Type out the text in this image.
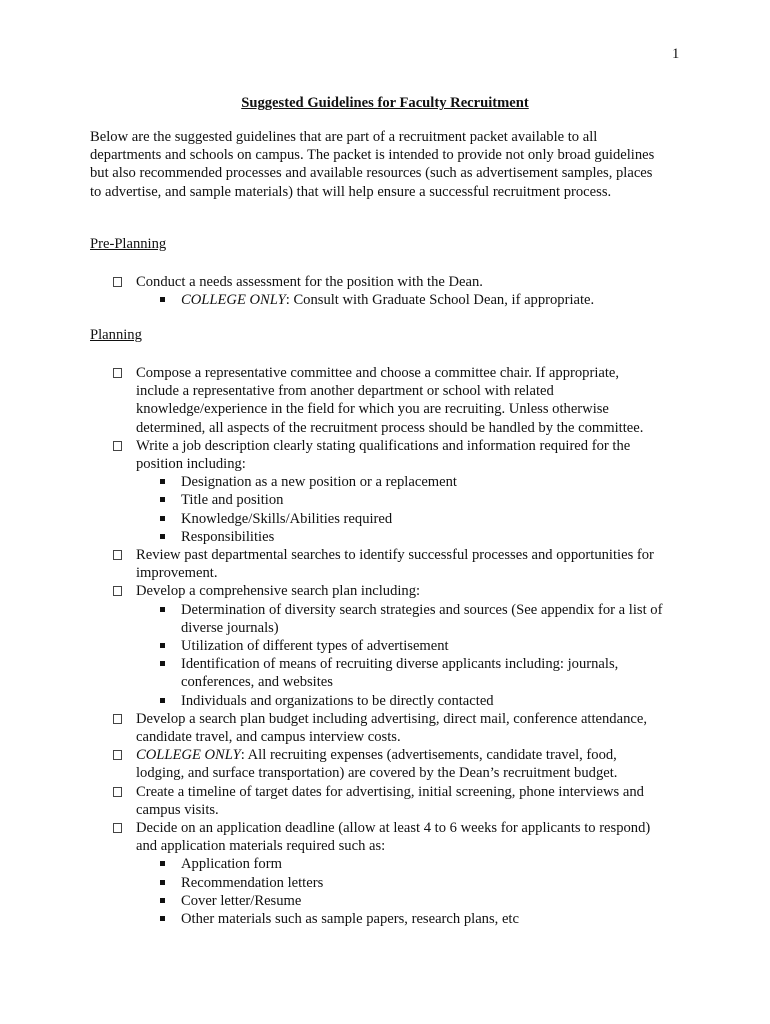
1
Suggested Guidelines for Faculty Recruitment
Below are the suggested guidelines that are part of a recruitment packet available to all
departments and schools on campus. The packet is intended to provide not only broad guidelines
but also recommended processes and available resources (such as advertisement samples, places
to advertise, and sample materials) that will help ensure a successful recruitment process.
Pre-Planning
Conduct a needs assessment for the position with the Dean.
COLLEGE ONLY: Consult with Graduate School Dean, if appropriate.
Planning
Compose a representative committee and choose a committee chair. If appropriate,
include a representative from another department or school with related
knowledge/experience in the field for which you are recruiting. Unless otherwise
determined, all aspects of the recruitment process should be handled by the committee.
Write a job description clearly stating qualifications and information required for the
position including:
Designation as a new position or a replacement
Title and position
Knowledge/Skills/Abilities required
Responsibilities
Review past departmental searches to identify successful processes and opportunities for
improvement.
Develop a comprehensive search plan including:
Determination of diversity search strategies and sources (See appendix for a list of
diverse journals)
Utilization of different types of advertisement
Identification of means of recruiting diverse applicants including: journals,
conferences, and websites
Individuals and organizations to be directly contacted
Develop a search plan budget including advertising, direct mail, conference attendance,
candidate travel, and campus interview costs.
COLLEGE ONLY: All recruiting expenses (advertisements, candidate travel, food,
lodging, and surface transportation) are covered by the Dean’s recruitment budget.
Create a timeline of target dates for advertising, initial screening, phone interviews and
campus visits.
Decide on an application deadline (allow at least 4 to 6 weeks for applicants to respond)
and application materials required such as:
Application form
Recommendation letters
Cover letter/Resume
Other materials such as sample papers, research plans, etc
